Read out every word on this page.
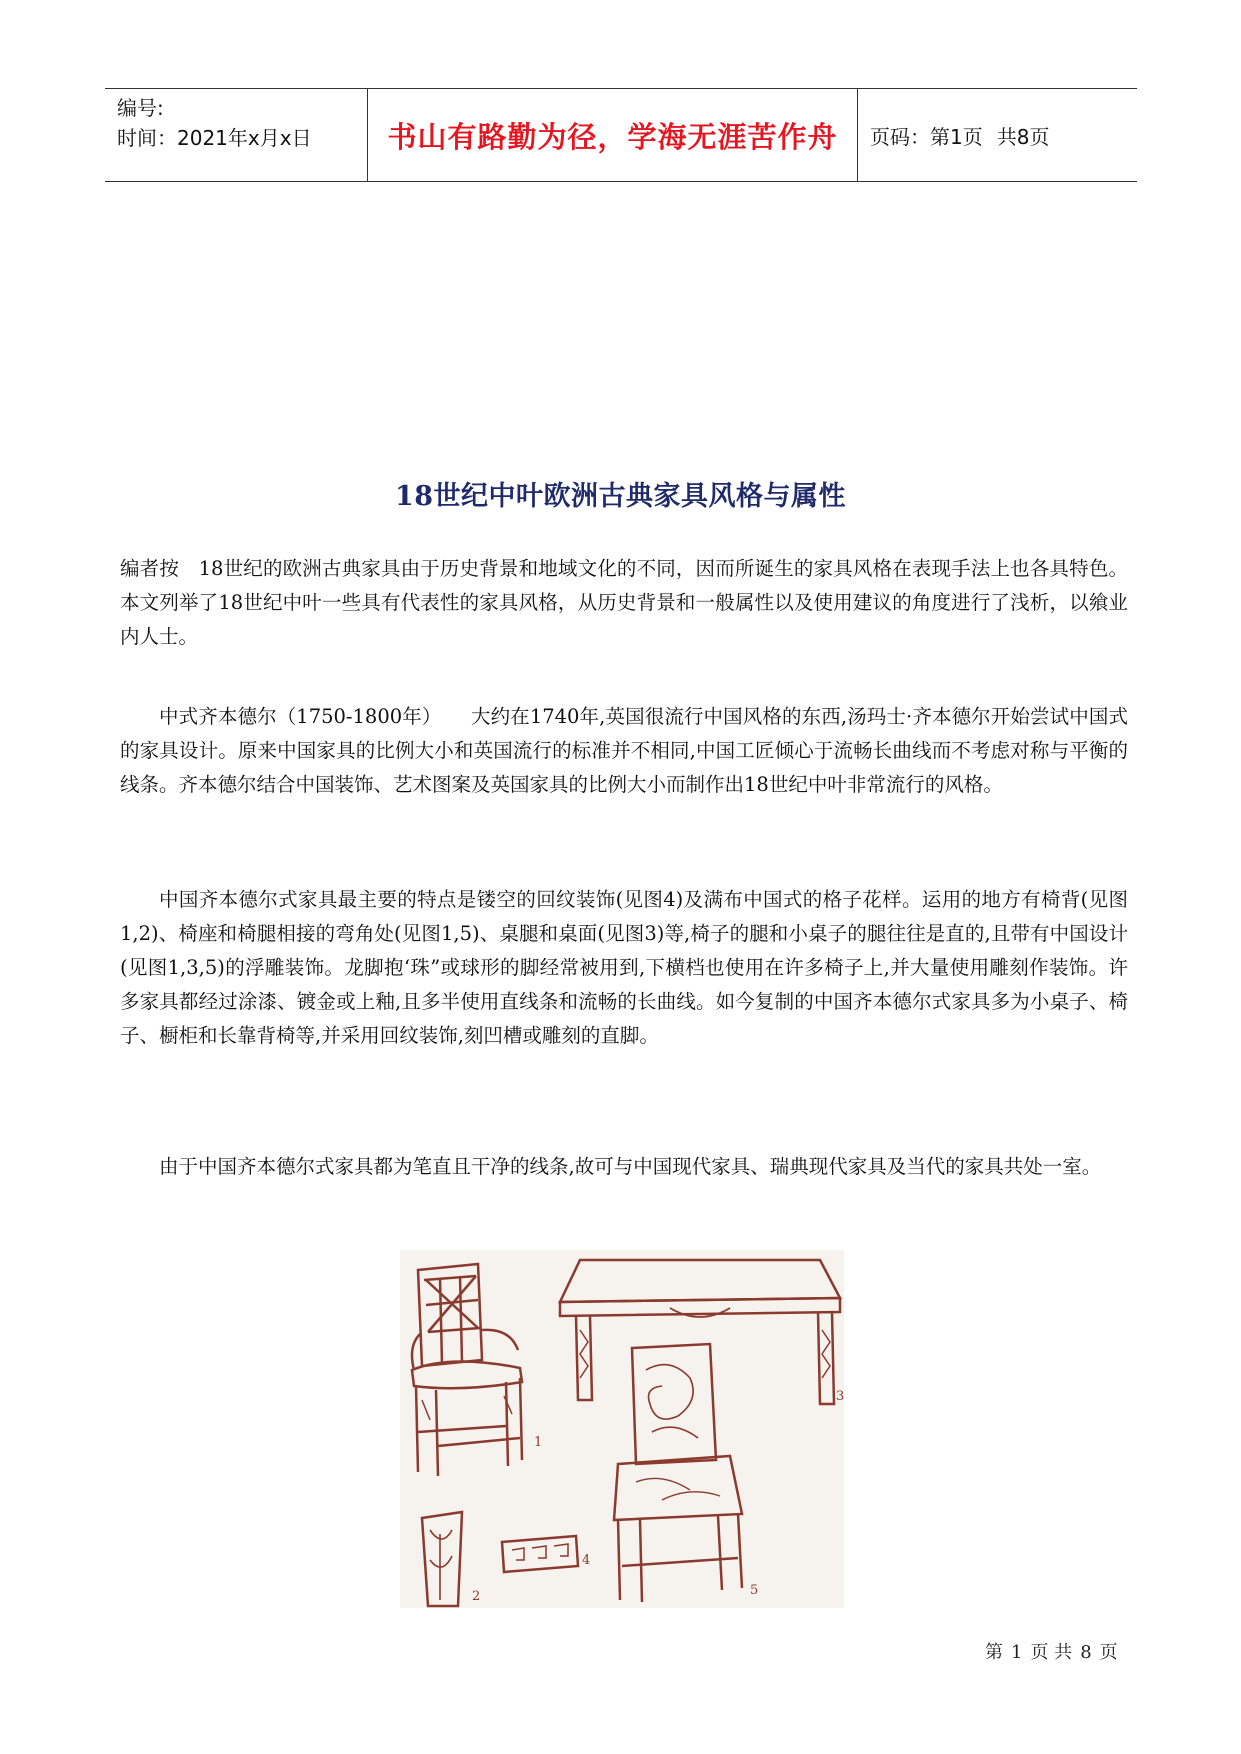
编号:
时间：2021年x月x日	书山有路勤为径，学海无涯苦作舟	页码：第1页 共8页
18世纪中叶欧洲古典家具风格与属性

编者按　18世纪的欧洲古典家具由于历史背景和地域文化的不同，因而所诞生的家具风格在表现手法上也各具特色。本文列举了18世纪中叶一些具有代表性的家具风格，从历史背景和一般属性以及使用建议的角度进行了浅析，以飨业内人士。

中式齐本德尔（1750-1800年）　　大约在1740年,英国很流行中国风格的东西,汤玛士·齐本德尔开始尝试中国式的家具设计。原来中国家具的比例大小和英国流行的标准并不相同,中国工匠倾心于流畅长曲线而不考虑对称与平衡的线条。齐本德尔结合中国装饰、艺术图案及英国家具的比例大小而制作出18世纪中叶非常流行的风格。

中国齐本德尔式家具最主要的特点是镂空的回纹装饰(见图4)及满布中国式的格子花样。运用的地方有椅背(见图1,2)、椅座和椅腿相接的弯角处(见图1,5)、桌腿和桌面(见图3)等,椅子的腿和小桌子的腿往往是直的,且带有中国设计(见图1,3,5)的浮雕装饰。龙脚抱‘珠”或球形的脚经常被用到,下横档也使用在许多椅子上,并大量使用雕刻作装饰。许多家具都经过涂漆、镀金或上釉,且多半使用直线条和流畅的长曲线。如今复制的中国齐本德尔式家具多为小桌子、椅子、橱柜和长靠背椅等,并采用回纹装饰,刻凹槽或雕刻的直脚。

由于中国齐本德尔式家具都为笔直且干净的线条,故可与中国现代家具、瑞典现代家具及当代的家具共处一室。

1
2
3
4
5
第 1 页 共 8 页
